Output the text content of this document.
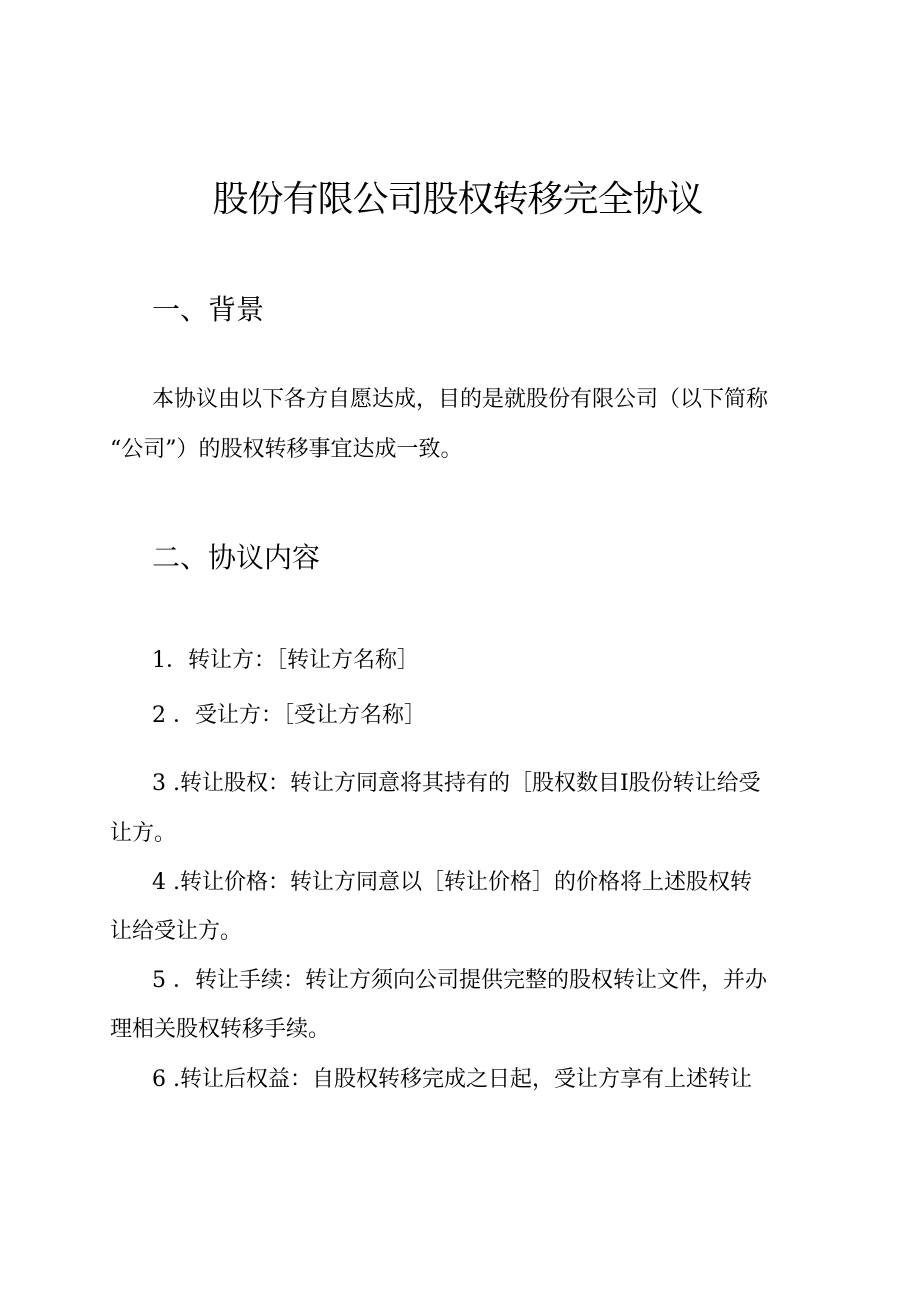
股份有限公司股权转移完全协议
一、背景

本协议由以下各方自愿达成，目的是就股份有限公司（以下简称

“公司”）的股权转移事宜达成一致。

二、协议内容

1．转让方：［转让方名称］

2 ．受让方：［受让方名称］

3 .转让股权：转让方同意将其持有的［股权数目I股份转让给受

让方。

4 .转让价格：转让方同意以［转让价格］的价格将上述股权转

让给受让方。

5 ．转让手续：转让方须向公司提供完整的股权转让文件，并办

理相关股权转移手续。

6 .转让后权益：自股权转移完成之日起，受让方享有上述转让
